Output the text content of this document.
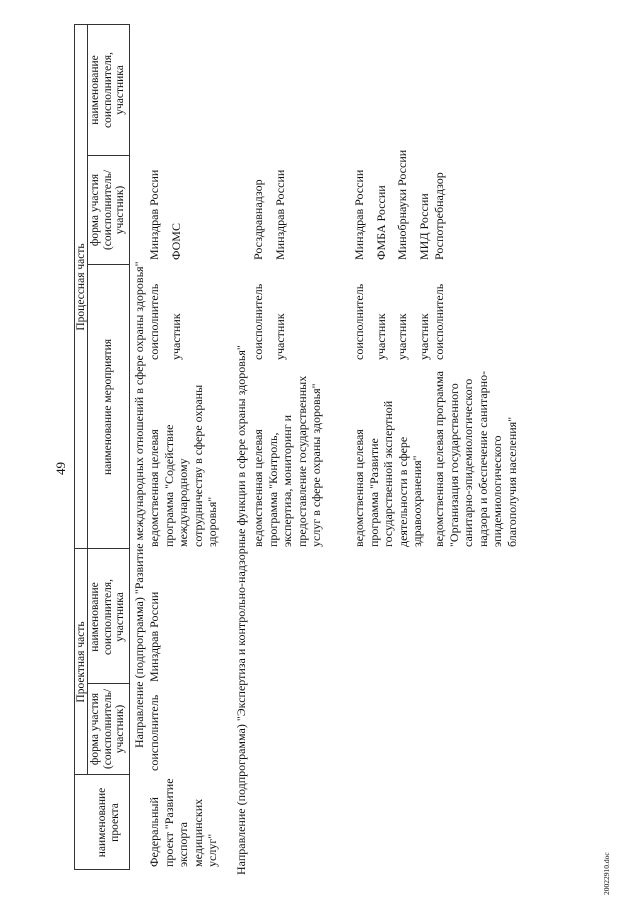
49
Проектная часть
Процессная часть
наименование проекта
форма участия (соисполнитель/ участник)
наименование соисполнителя, участника
наименование мероприятия
форма участия (соисполнитель/ участник)
наименование соисполнителя, участника
Направление (подпрограмма) "Развитие международных отношений в сфере охраны здоровья"
Федеральный проект "Развитие экспорта медицинских услуг"
соисполнитель
Минздрав России
ведомственная целевая программа "Содействие международному сотрудничеству в сфере охраны здоровья"
соисполнитель участник
Минздрав России ФОМС
Направление (подпрограмма) "Экспертиза и контрольно-надзорные функции в сфере охраны здоровья" ведомственная целевая программа "Контроль, экспертиза, мониторинг и предоставление государственных услуг в сфере охраны здоровья"
соисполнитель участник
Росздравнадзор Минздрав России
ведомственная целевая программа "Развитие государственной экспертной деятельности в сфере здравоохранения"
соисполнитель участник участник участник
Минздрав России ФМБА России Минобрнауки России МИД России
ведомственная целевая программа "Организация государственного санитарно-эпидемиологического надзора и обеспечение санитарно-эпидемиологического благополучия населения"
соисполнитель
Роспотребнадзор
20022910.doc
